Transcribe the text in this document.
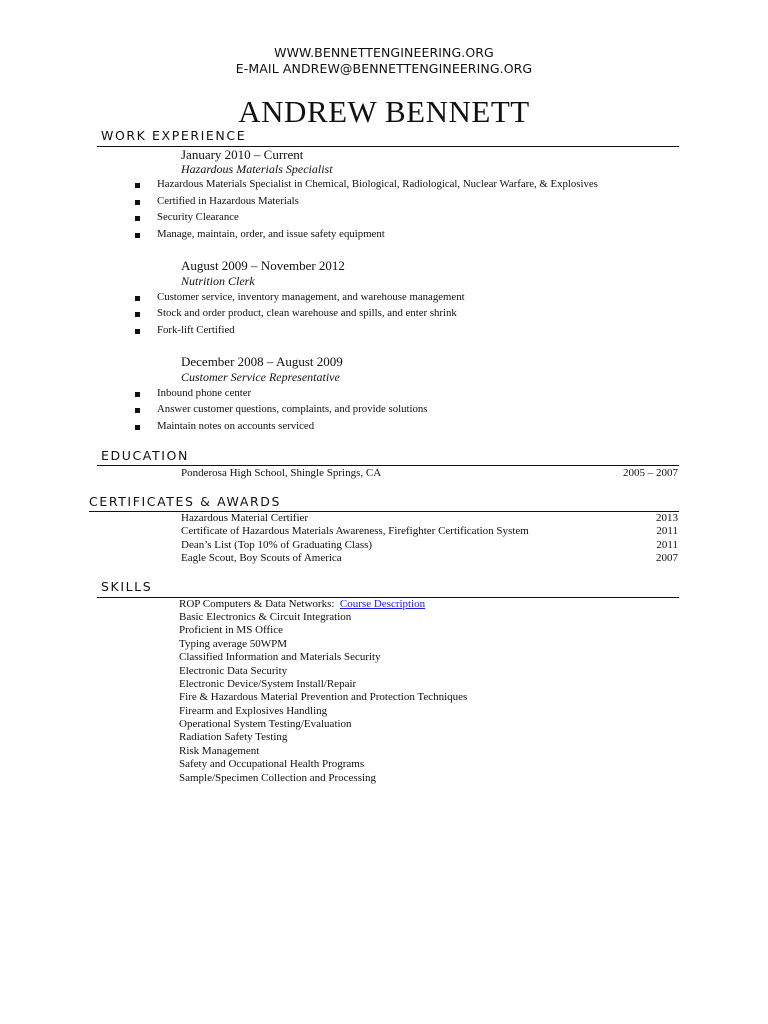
WWW.BENNETTENGINEERING.ORG
E-MAIL ANDREW@BENNETTENGINEERING.ORG
ANDREW BENNETT
WORK EXPERIENCE
January 2010 – Current
Hazardous Materials Specialist
Hazardous Materials Specialist in Chemical, Biological, Radiological, Nuclear Warfare, & Explosives
Certified in Hazardous Materials
Security Clearance
Manage, maintain, order, and issue safety equipment
August 2009 – November 2012
Nutrition Clerk
Customer service, inventory management, and warehouse management
Stock and order product, clean warehouse and spills, and enter shrink
Fork-lift Certified
December 2008 – August 2009
Customer Service Representative
Inbound phone center
Answer customer questions, complaints, and provide solutions
Maintain notes on accounts serviced
EDUCATION
Ponderosa High School, Shingle Springs, CA	2005 – 2007
CERTIFICATES & AWARDS
Hazardous Material Certifier	2013
Certificate of Hazardous Materials Awareness, Firefighter Certification System	2011
Dean’s List (Top 10% of Graduating Class)	2011
Eagle Scout, Boy Scouts of America	2007
SKILLS
ROP Computers & Data Networks: Course Description
Basic Electronics & Circuit Integration
Proficient in MS Office
Typing average 50WPM
Classified Information and Materials Security
Electronic Data Security
Electronic Device/System Install/Repair
Fire & Hazardous Material Prevention and Protection Techniques
Firearm and Explosives Handling
Operational System Testing/Evaluation
Radiation Safety Testing
Risk Management
Safety and Occupational Health Programs
Sample/Specimen Collection and Processing
